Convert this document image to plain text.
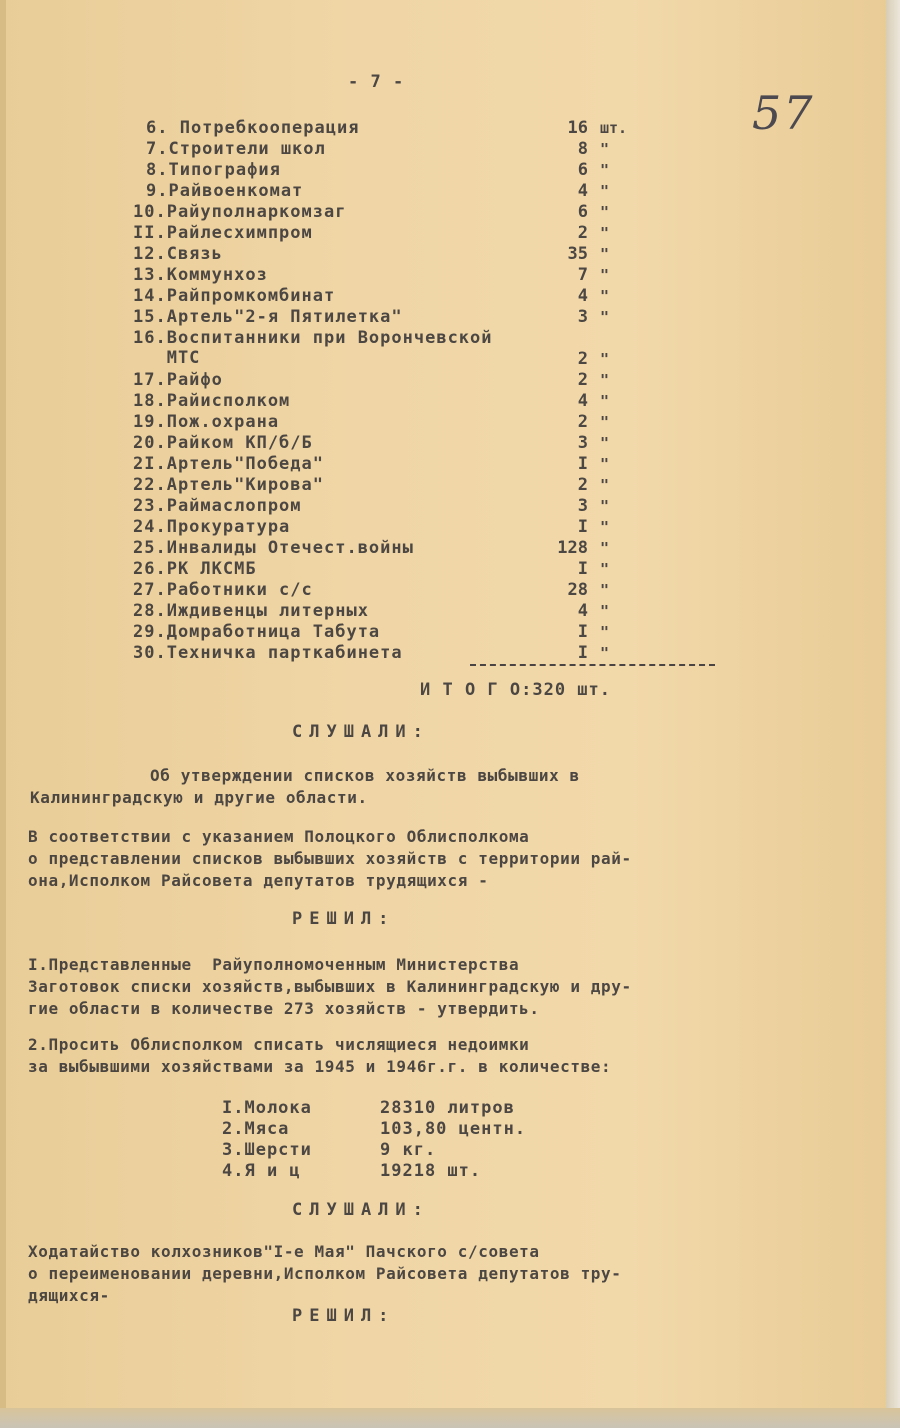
- 7 -
57
6. Потребкооперация	16 шт.
7.Строители школ	8 "
8.Типография	6 "
9.Райвоенкомат	4 "
10.Райуполнаркомзаг	6 "
II.Райлесхимпром	2 "
12.Связь	35 "
13.Коммунхоз	7 "
14.Райпромкомбинат	4 "
15.Артель"2-я Пятилетка"	3 "
16.Воспитанники при Ворончевской
МТС	2 "
17.Райфо	2 "
18.Райисполком	4 "
19.Пож.охрана	2 "
20.Райком КП/б/Б	3 "
2I.Артель"Победа"	I "
22.Артель"Кирова"	2 "
23.Раймаслопром	3 "
24.Прокуратура	I "
25.Инвалиды Отечест.войны	128 "
26.РК ЛКСМБ	I "
27.Работники с/с	28 "
28.Иждивенцы литерных	4 "
29.Домработница Табута	I "
30.Техничка парткабинета	I "
И Т О Г О:320 шт.
СЛУШАЛИ:
Об утверждении списков хозяйств выбывших в
Калининградскую и другие области.
В соответствии с указанием Полоцкого Облисполкома
о представлении списков выбывших хозяйств с территории рай-
она,Исполком Райсовета депутатов трудящихся -
РЕШИЛ:
I.Представленные  Райуполномоченным Министерства
Заготовок списки хозяйств,выбывших в Калининградскую и дру-
гие области в количестве 273 хозяйств - утвердить.
2.Просить Облисполком списать числящиеся недоимки
за выбывшими хозяйствами за 1945 и 1946г.г. в количестве:
I.Молока	28310 литров
2.Мяса	103,80 центн.
3.Шерсти	9 кг.
4.Я и ц	19218 шт.
СЛУШАЛИ:
Ходатайство колхозников"I-е Мая" Пачского с/совета
о переименовании деревни,Исполком Райсовета депутатов тру-
дящихся-
РЕШИЛ:
